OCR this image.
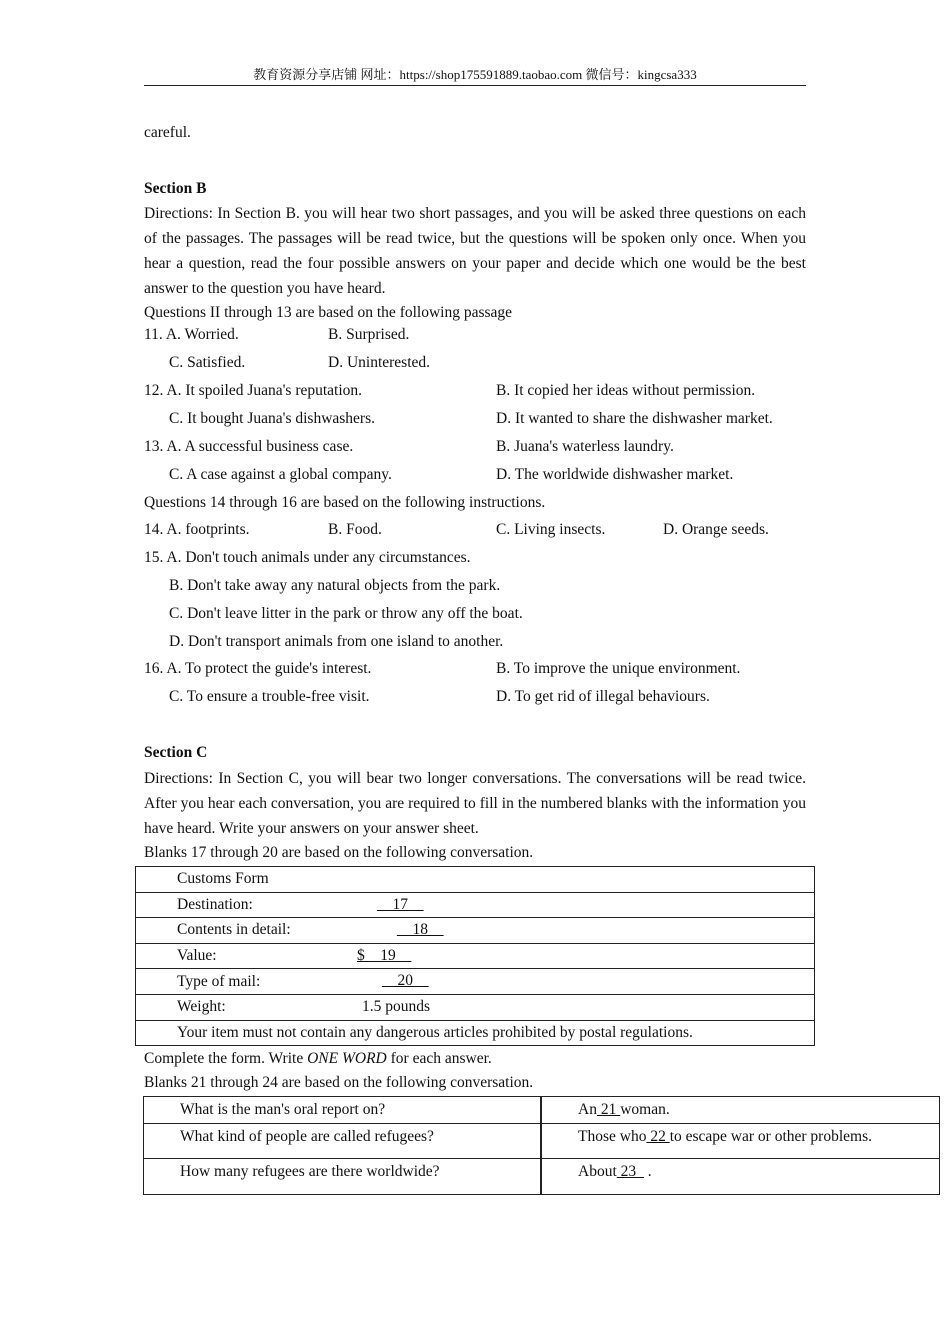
教育资源分享店铺 网址：https://shop175591889.taobao.com 微信号：kingcsa333
careful.
Section B
Directions: In Section B. you will hear two short passages, and you will be asked three questions on each of the passages. The passages will be read twice, but the questions will be spoken only once. When you hear a question, read the four possible answers on your paper and decide which one would be the best answer to the question you have heard.
Questions II through 13 are based on the following passage
11. A. Worried.	B. Surprised.
C. Satisfied.	D. Uninterested.
12. A. It spoiled Juana's reputation.	B. It copied her ideas without permission.
C. It bought Juana's dishwashers.	D. It wanted to share the dishwasher market.
13. A. A successful business case.	B. Juana's waterless laundry.
C. A case against a global company.	D. The worldwide dishwasher market.
Questions 14 through 16 are based on the following instructions.
14. A. footprints.	B. Food.	C. Living insects.	D. Orange seeds.
15. A. Don't touch animals under any circumstances.
B. Don't take away any natural objects from the park.
C. Don't leave litter in the park or throw any off the boat.
D. Don't transport animals from one island to another.
16. A. To protect the guide's interest.	B. To improve the unique environment.
C. To ensure a trouble-free visit.	D. To get rid of illegal behaviours.
Section C
Directions: In Section C, you will bear two longer conversations. The conversations will be read twice. After you hear each conversation, you are required to fill in the numbered blanks with the information you have heard. Write your answers on your answer sheet.
Blanks 17 through 20 are based on the following conversation.
Customs Form
Destination:	__17__

Contents in detail:	__18__

Value:	$__19__

Type of mail:	__20__

Weight:	1.5 pounds

Your item must not contain any dangerous articles prohibited by postal regulations.
Complete the form. Write ONE WORD for each answer.
Blanks 21 through 24 are based on the following conversation.
What is the man's oral report on?	An 21 woman.
What kind of people are called refugees?	Those who 22 to escape war or other problems.
How many refugees are there worldwide?	About 23   .
